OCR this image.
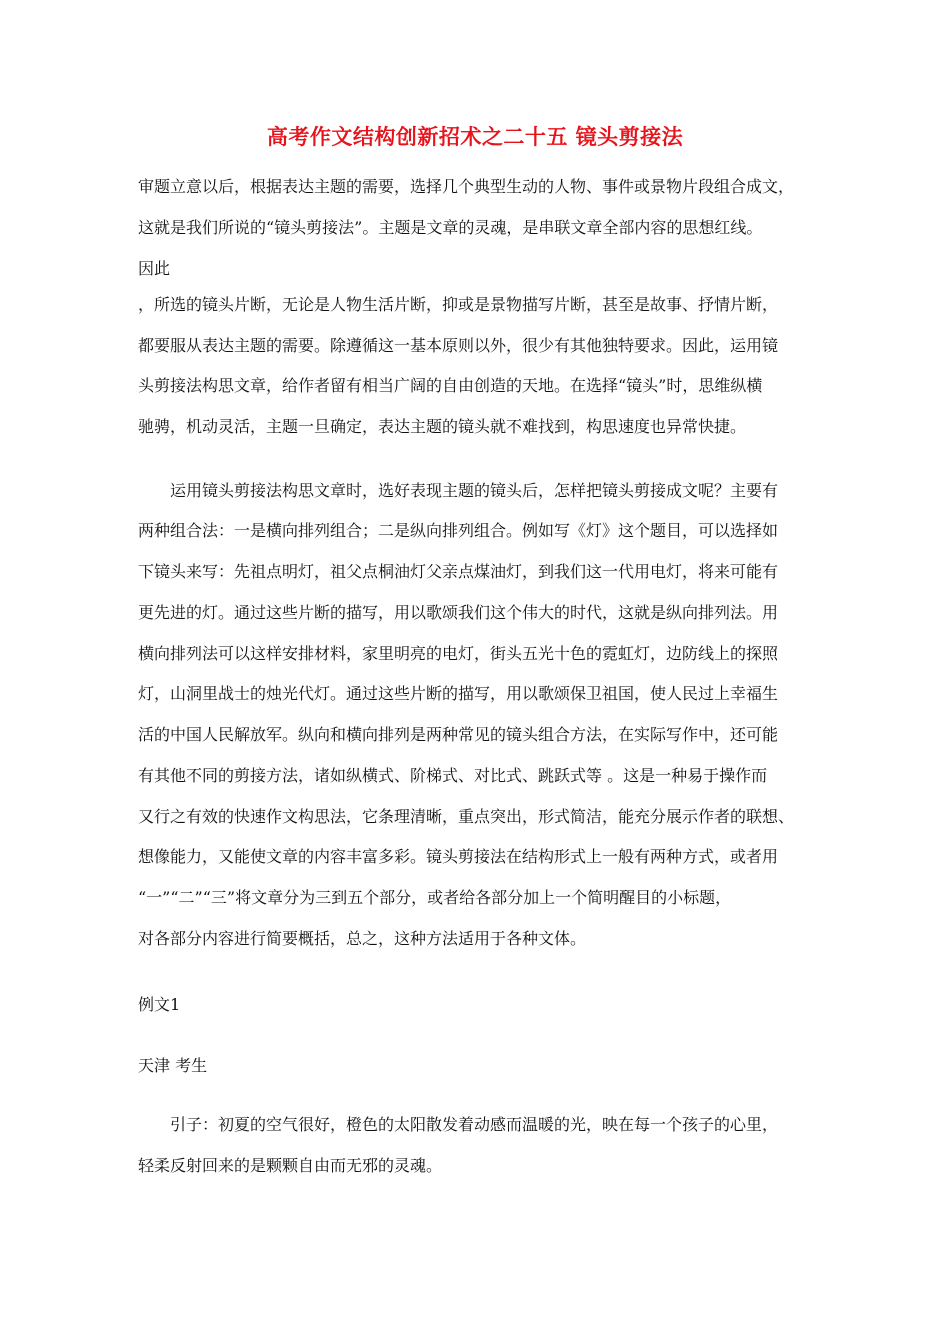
高考作文结构创新招术之二十五 镜头剪接法
审题立意以后，根据表达主题的需要，选择几个典型生动的人物、事件或景物片段组合成文，
这就是我们所说的“镜头剪接法”。主题是文章的灵魂，是串联文章全部内容的思想红线。
因此
，所选的镜头片断，无论是人物生活片断，抑或是景物描写片断，甚至是故事、抒情片断，
都要服从表达主题的需要。除遵循这一基本原则以外，很少有其他独特要求。因此，运用镜
头剪接法构思文章，给作者留有相当广阔的自由创造的天地。在选择“镜头”时，思维纵横
驰骋，机动灵活，主题一旦确定，表达主题的镜头就不难找到，构思速度也异常快捷。
运用镜头剪接法构思文章时，选好表现主题的镜头后，怎样把镜头剪接成文呢？主要有
两种组合法：一是横向排列组合；二是纵向排列组合。例如写《灯》这个题目，可以选择如
下镜头来写：先祖点明灯，祖父点桐油灯父亲点煤油灯，到我们这一代用电灯，将来可能有
更先进的灯。通过这些片断的描写，用以歌颂我们这个伟大的时代，这就是纵向排列法。用
横向排列法可以这样安排材料，家里明亮的电灯，街头五光十色的霓虹灯，边防线上的探照
灯，山洞里战士的烛光代灯。通过这些片断的描写，用以歌颂保卫祖国，使人民过上幸福生
活的中国人民解放军。纵向和横向排列是两种常见的镜头组合方法，在实际写作中，还可能
有其他不同的剪接方法，诸如纵横式、阶梯式、对比式、跳跃式等 。这是一种易于操作而
又行之有效的快速作文构思法，它条理清晰，重点突出，形式简洁，能充分展示作者的联想、
想像能力，又能使文章的内容丰富多彩。镜头剪接法在结构形式上一般有两种方式，或者用
“一”“二”“三”将文章分为三到五个部分，或者给各部分加上一个简明醒目的小标题，
对各部分内容进行简要概括，总之，这种方法适用于各种文体。
例文1
天津 考生
引子：初夏的空气很好，橙色的太阳散发着动感而温暖的光，映在每一个孩子的心里，
轻柔反射回来的是颗颗自由而无邪的灵魂。
